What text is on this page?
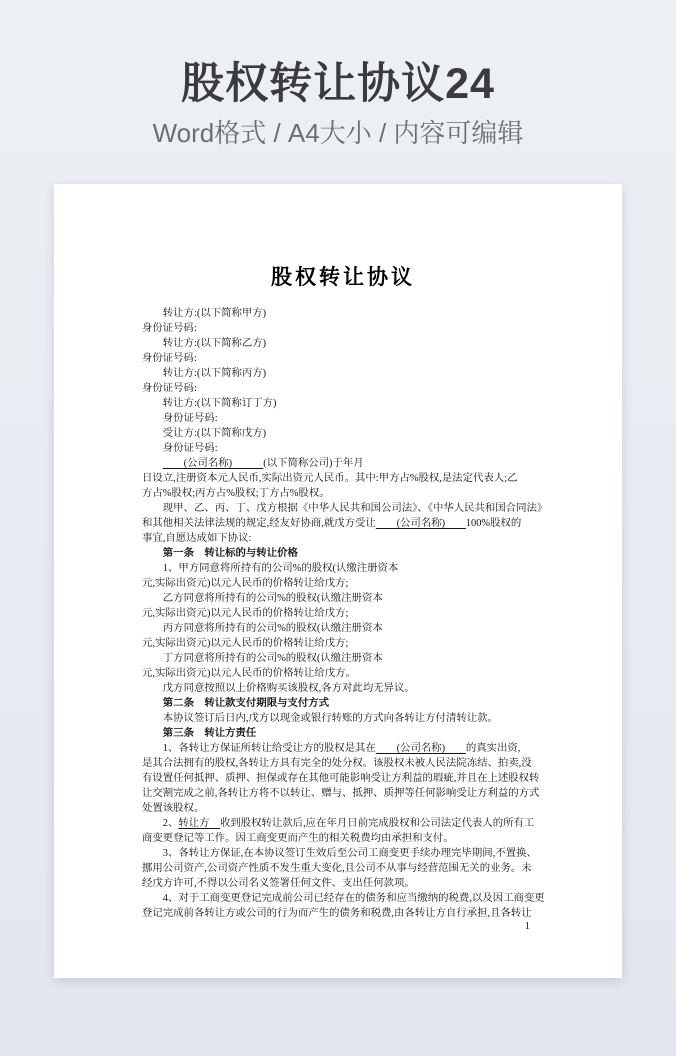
股权转让协议24
Word格式 / A4大小 / 内容可编辑
股权转让协议
转让方:(以下简称甲方)
身份证号码:
转让方:(以下简称乙方)
身份证号码:
转让方:(以下简称丙方)
身份证号码:
转让方:(以下简称订丁方)
身份证号码:
受让方:(以下简称戊方)
身份证号码:
　　(公司名称)　　　(以下简称公司)于年月
日设立,注册资本元人民币,实际出资元人民币。其中:甲方占%股权,是法定代表人;乙
方占%股权;丙方占%股权;丁方占%股权。
现甲、乙、丙、丁、戊方根据《中华人民共和国公司法》、《中华人民共和国合同法》
和其他相关法律法规的规定,经友好协商,就戊方受让　　(公司名称)　　100%股权的
事宜,自愿达成如下协议:
第一条　转让标的与转让价格
1、甲方同意将所持有的公司%的股权(认缴注册资本
元,实际出资元)以元人民币的价格转让给戊方;
乙方同意将所持有的公司%的股权(认缴注册资本
元,实际出资元)以元人民币的价格转让给戊方;
丙方同意将所持有的公司%的股权(认缴注册资本
元,实际出资元)以元人民币的价格转让给戊方;
丁方同意将所持有的公司%的股权(认缴注册资本
元,实际出资元)以元人民币的价格转让给戊方。
戊方同意按照以上价格购买该股权,各方对此均无异议。
第二条　转让款支付期限与支付方式
本协议签订后日内,戊方以现金或银行转账的方式向各转让方付清转让款。
第三条　转让方责任
1、各转让方保证所转让给受让方的股权是其在　　(公司名称)　　的真实出资,
是其合法拥有的股权,各转让方具有完全的处分权。该股权未被人民法院冻结、拍卖,没
有设置任何抵押、质押、担保或存在其他可能影响受让方利益的瑕疵,并且在上述股权转
让交割完成之前,各转让方将不以转让、赠与、抵押、质押等任何影响受让方利益的方式
处置该股权。
2、转让方　收到股权转让款后,应在年月日前完成股权和公司法定代表人的所有工
商变更登记等工作。因工商变更而产生的相关税费均由承担和支付。
3、各转让方保证,在本协议签订生效后至公司工商变更手续办理完毕期间,不置换、
挪用公司资产,公司资产性质不发生重大变化,且公司不从事与经营范围无关的业务。未
经戊方许可,不得以公司名义签署任何文件、支出任何款项。
4、对于工商变更登记完成前公司已经存在的债务和应当缴纳的税费,以及因工商变更
登记完成前各转让方或公司的行为而产生的债务和税费,由各转让方自行承担,且各转让
1
